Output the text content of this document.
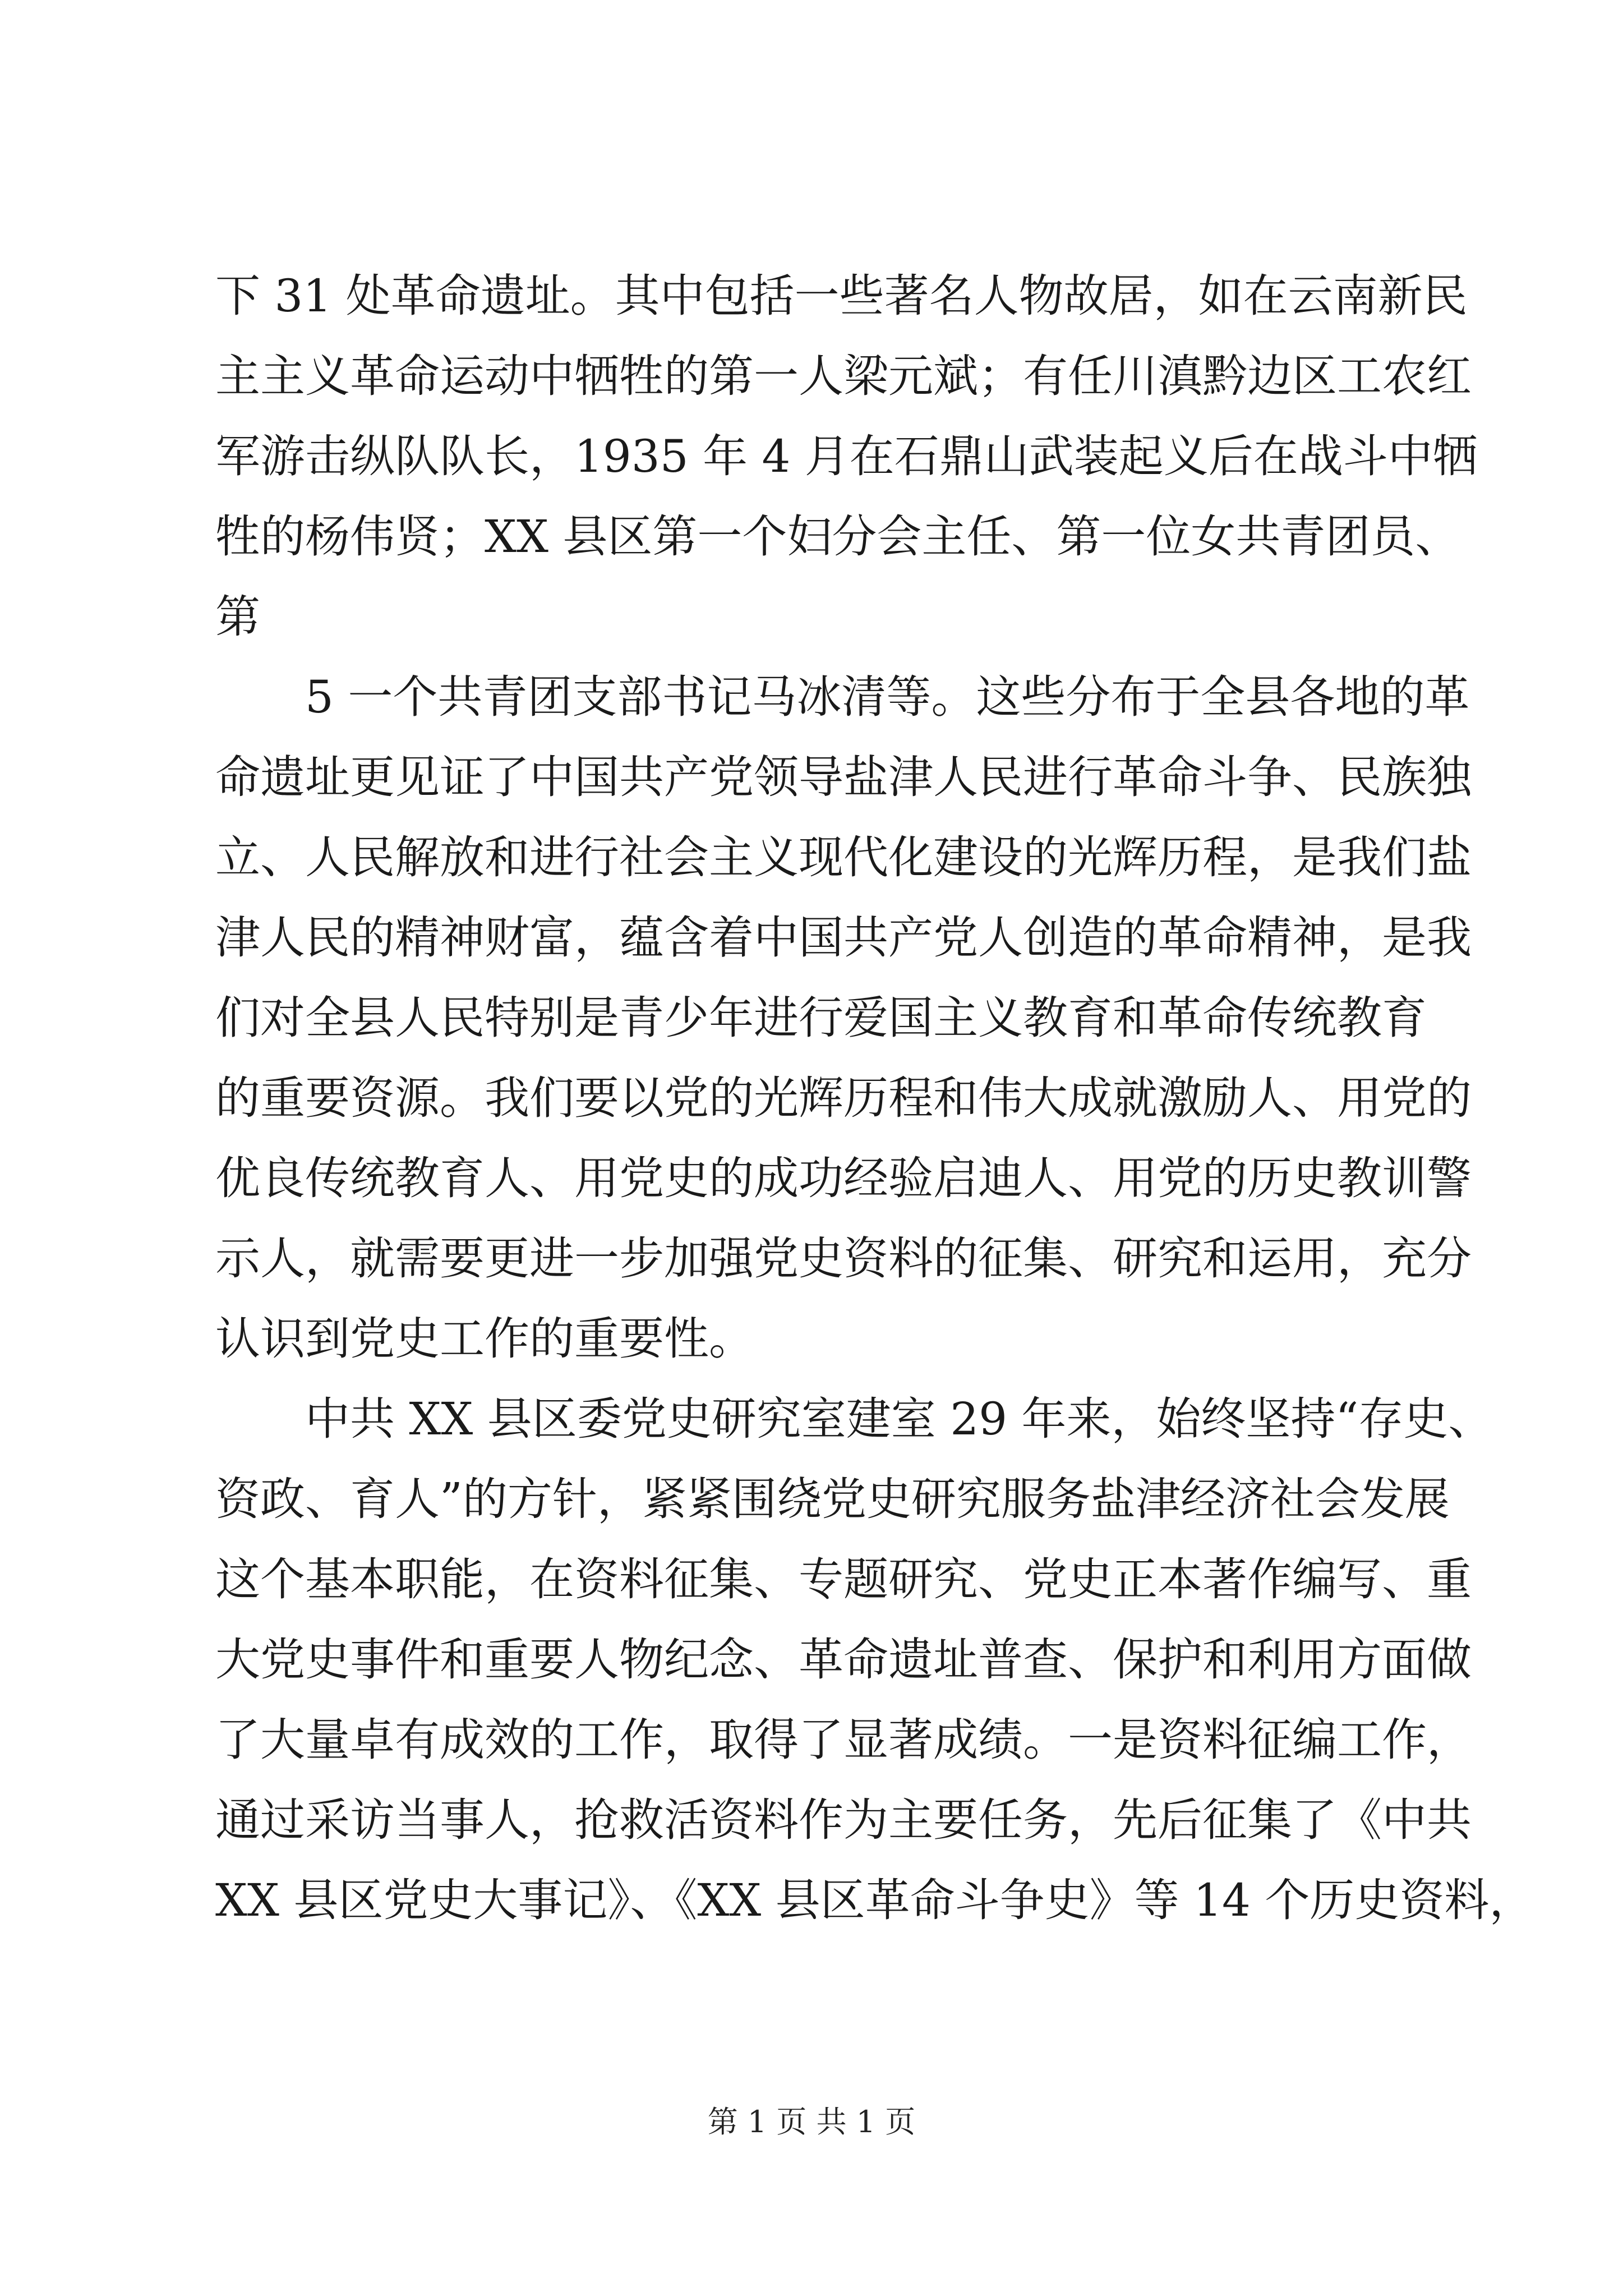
下 31 处革命遗址。其中包括一些著名人物故居，如在云南新民
主主义革命运动中牺牲的第一人梁元斌；有任川滇黔边区工农红
军游击纵队队长，1935 年 4 月在石鼎山武装起义后在战斗中牺
牲的杨伟贤；XX 县区第一个妇分会主任、第一位女共青团员、
第
5 一个共青团支部书记马冰清等。这些分布于全县各地的革
命遗址更见证了中国共产党领导盐津人民进行革命斗争、民族独
立、人民解放和进行社会主义现代化建设的光辉历程，是我们盐
津人民的精神财富，蕴含着中国共产党人创造的革命精神，是我
们对全县人民特别是青少年进行爱国主义教育和革命传统教育
的重要资源。我们要以党的光辉历程和伟大成就激励人、用党的
优良传统教育人、用党史的成功经验启迪人、用党的历史教训警
示人，就需要更进一步加强党史资料的征集、研究和运用，充分
认识到党史工作的重要性。
中共 XX 县区委党史研究室建室 29 年来，始终坚持“存史、
资政、育人”的方针，紧紧围绕党史研究服务盐津经济社会发展
这个基本职能，在资料征集、专题研究、党史正本著作编写、重
大党史事件和重要人物纪念、革命遗址普查、保护和利用方面做
了大量卓有成效的工作，取得了显著成绩。一是资料征编工作，
通过采访当事人，抢救活资料作为主要任务，先后征集了《中共
XX 县区党史大事记》、《XX 县区革命斗争史》等 14 个历史资料，
第 1 页 共 1 页
